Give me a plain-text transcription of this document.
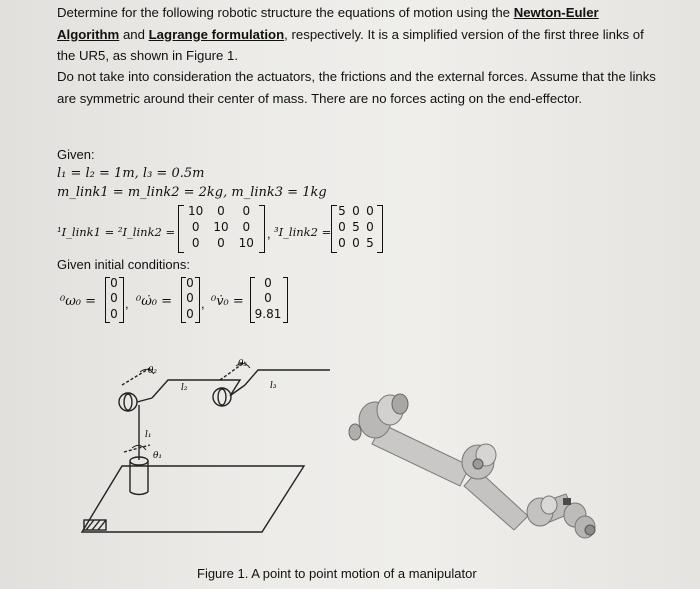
Determine for the following robotic structure the equations of motion using the Newton-Euler Algorithm and Lagrange formulation, respectively. It is a simplified version of the first three links of the UR5, as shown in Figure 1.
Do not take into consideration the actuators, the frictions and the external forces. Assume that the links are symmetric around their center of mass. There are no forces acting on the end-effector.
Given:
l₁ = l₂ = 1m, l₃ = 0.5m
m_link1 = m_link2 = 2kg, m_link3 = 1kg
¹I_link1 = ²I_link2 =
10	0	0
0	10	0
0	0	10
, ³I_link2 =
5 0 0
0 5 0
0 0 5
Given initial conditions:
⁰ω₀ =
0
0
0
, ⁰ω̇₀ =
0
0
0
, ⁰v̇₀ =
0
0
9.81
θ₂
θ₃
θ₁
l₁
l₂	l₃
Figure 1. A point to point motion of a manipulator
